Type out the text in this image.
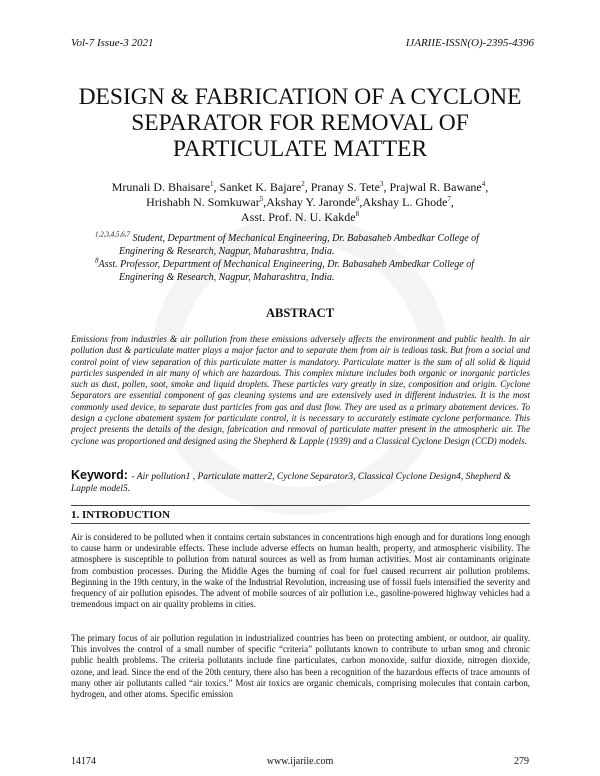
Vol-7 Issue-3 2021	IJARIIE-ISSN(O)-2395-4396
DESIGN & FABRICATION OF A CYCLONE SEPARATOR FOR REMOVAL OF PARTICULATE MATTER
Mrunali D. Bhaisare$^1$, Sanket K. Bajare$^2$, Pranay S. Tete$^3$, Prajwal R. Bawane$^4$,
Hrishabh N. Somkuwar$^5$,Akshay Y. Jaronde$^6$,Akshay L. Ghode$^7$,
Asst. Prof. N. U. Kakde$^8$

$^{1,2,3,4,5,6,7}$ Student, Department of Mechanical Engineering, Dr. Babasaheb Ambedkar College of
Enginering & Research, Nagpur, Maharashtra, India.

$^8$Asst. Professor, Department of Mechanical Engineering, Dr. Babasaheb Ambedkar College of
Enginering & Research, Nagpur, Maharashtra, India.

ABSTRACT

Emissions from industries & air pollution from these emissions adversely affects the environment and public health. In air pollution dust & particulate matter plays a major factor and to separate them from air is tedious task. But from a social and control point of view separation of this particulate matter is mandatory. Particulate matter is the sum of all solid & liquid particles suspended in air many of which are hazardous. This complex mixture includes both organic or inorganic particles such as dust, pollen, soot, smoke and liquid droplets. These particles vary greatly in size, composition and origin. Cyclone Separators are essential component of gas cleaning systems and are extensively used in different industries. It is the most commonly used device, to separate dust particles from gas and dust flow. They are used as a primary abatement devices. To design a cyclone abatement system for particulate control, it is necessary to accurately estimate cyclone performance. This project presents the details of the design, fabrication and removal of particulate matter present in the atmospheric air. The cyclone was proportioned and designed using the Shepherd & Lapple (1939) and a Classical Cyclone Design (CCD) models.

Keyword: - Air pollution1 , Particulate matter2, Cyclone Separator3, Classical Cyclone Design4, Shepherd & Lapple model5.

1. INTRODUCTION

Air is considered to be polluted when it contains certain substances in concentrations high enough and for durations long enough to cause harm or undesirable effects. These include adverse effects on human health, property, and atmospheric visibility. The atmosphere is susceptible to pollution from natural sources as well as from human activities. Most air contaminants originate from combustion processes. During the Middle Ages the burning of coal for fuel caused recurrent air pollution problems. Beginning in the 19th century, in the wake of the Industrial Revolution, increasing use of fossil fuels intensified the severity and frequency of air pollution episodes. The advent of mobile sources of air pollution i.e., gasoline-powered highway vehicles had a tremendous impact on air quality problems in cities.

The primary focus of air pollution regulation in industrialized countries has been on protecting ambient, or outdoor, air quality. This involves the control of a small number of specific “criteria” pollutants known to contribute to urban smog and chronic public health problems. The criteria pollutants include fine particulates, carbon monoxide, sulfur dioxide, nitrogen dioxide, ozone, and lead. Since the end of the 20th century, there also has been a recognition of the hazardous effects of trace amounts of many other air pollutants called “air toxics.” Most air toxics are organic chemicals, comprising molecules that contain carbon, hydrogen, and other atoms. Specific emission

14174	www.ijariie.com	279
